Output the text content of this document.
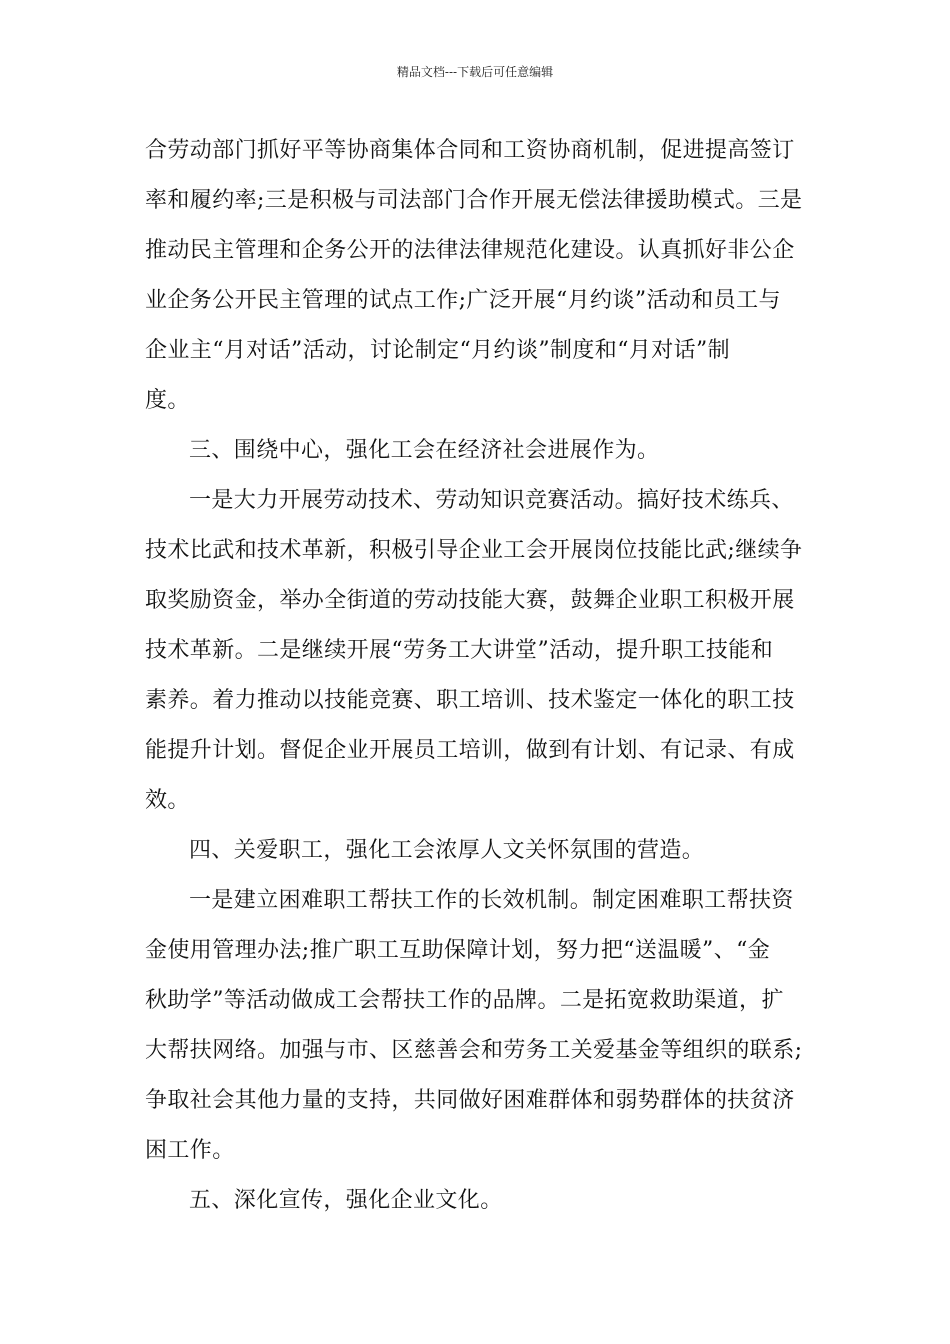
精品文档---下载后可任意编辑
合劳动部门抓好平等协商集体合同和工资协商机制，促进提高签订
率和履约率;三是积极与司法部门合作开展无偿法律援助模式。三是
推动民主管理和企务公开的法律法律规范化建设。认真抓好非公企
业企务公开民主管理的试点工作;广泛开展“月约谈”活动和员工与
企业主“月对话”活动，讨论制定“月约谈”制度和“月对话”制
度。
三、围绕中心，强化工会在经济社会进展作为。
一是大力开展劳动技术、劳动知识竞赛活动。搞好技术练兵、
技术比武和技术革新，积极引导企业工会开展岗位技能比武;继续争
取奖励资金，举办全街道的劳动技能大赛，鼓舞企业职工积极开展
技术革新。二是继续开展“劳务工大讲堂”活动，提升职工技能和
素养。着力推动以技能竞赛、职工培训、技术鉴定一体化的职工技
能提升计划。督促企业开展员工培训，做到有计划、有记录、有成
效。
四、关爱职工，强化工会浓厚人文关怀氛围的营造。
一是建立困难职工帮扶工作的长效机制。制定困难职工帮扶资
金使用管理办法;推广职工互助保障计划，努力把“送温暖”、“金
秋助学”等活动做成工会帮扶工作的品牌。二是拓宽救助渠道，扩
大帮扶网络。加强与市、区慈善会和劳务工关爱基金等组织的联系;
争取社会其他力量的支持，共同做好困难群体和弱势群体的扶贫济
困工作。
五、深化宣传，强化企业文化。
